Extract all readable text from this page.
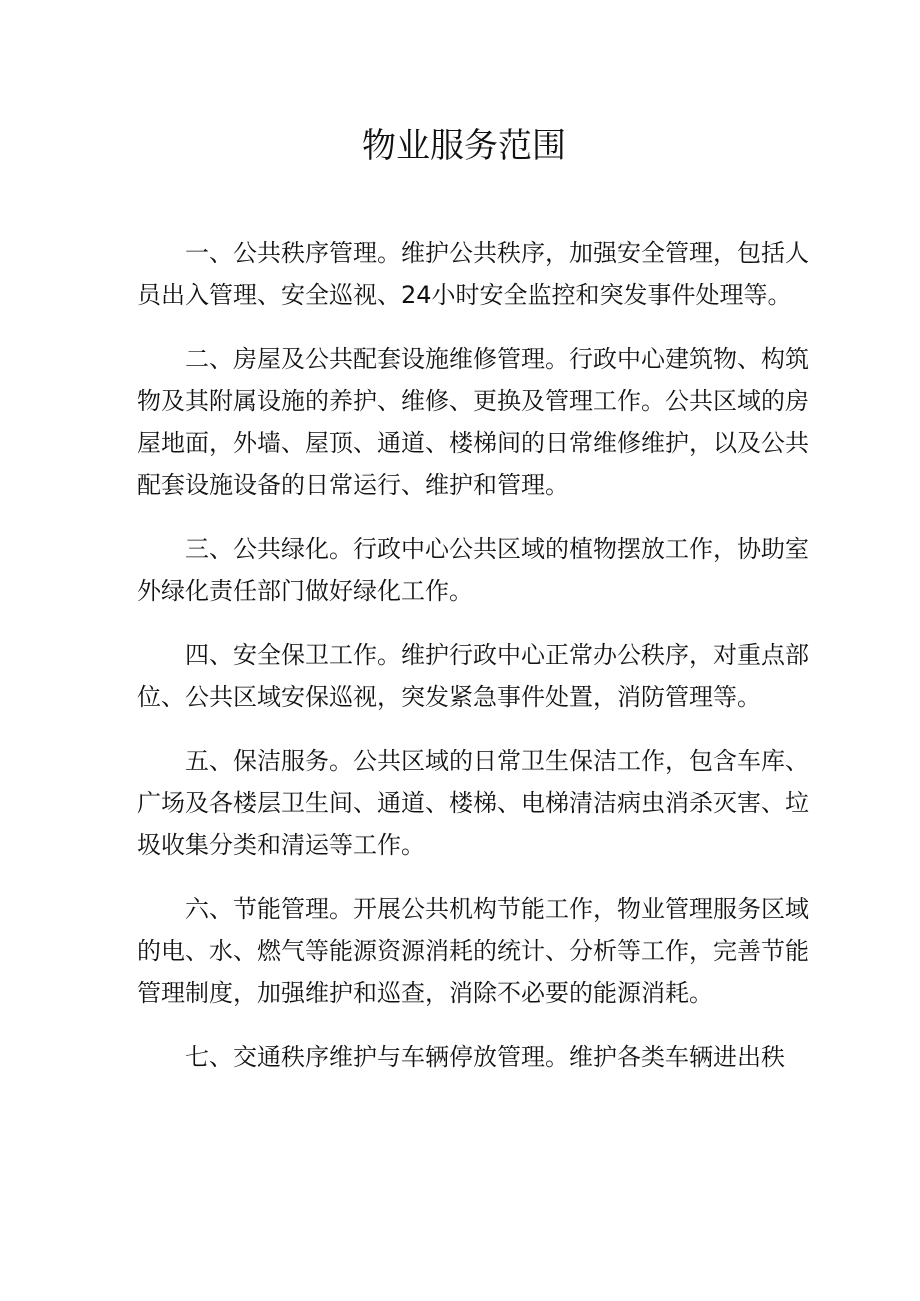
物业服务范围

一、公共秩序管理。维护公共秩序，加强安全管理，包括人员出入管理、安全巡视、24小时安全监控和突发事件处理等。

二、房屋及公共配套设施维修管理。行政中心建筑物、构筑物及其附属设施的养护、维修、更换及管理工作。公共区域的房屋地面，外墙、屋顶、通道、楼梯间的日常维修维护，以及公共配套设施设备的日常运行、维护和管理。

三、公共绿化。行政中心公共区域的植物摆放工作，协助室外绿化责任部门做好绿化工作。

四、安全保卫工作。维护行政中心正常办公秩序，对重点部位、公共区域安保巡视，突发紧急事件处置，消防管理等。

五、保洁服务。公共区域的日常卫生保洁工作，包含车库、广场及各楼层卫生间、通道、楼梯、电梯清洁病虫消杀灭害、垃圾收集分类和清运等工作。

六、节能管理。开展公共机构节能工作，物业管理服务区域的电、水、燃气等能源资源消耗的统计、分析等工作，完善节能管理制度，加强维护和巡查，消除不必要的能源消耗。

七、交通秩序维护与车辆停放管理。维护各类车辆进出秩
